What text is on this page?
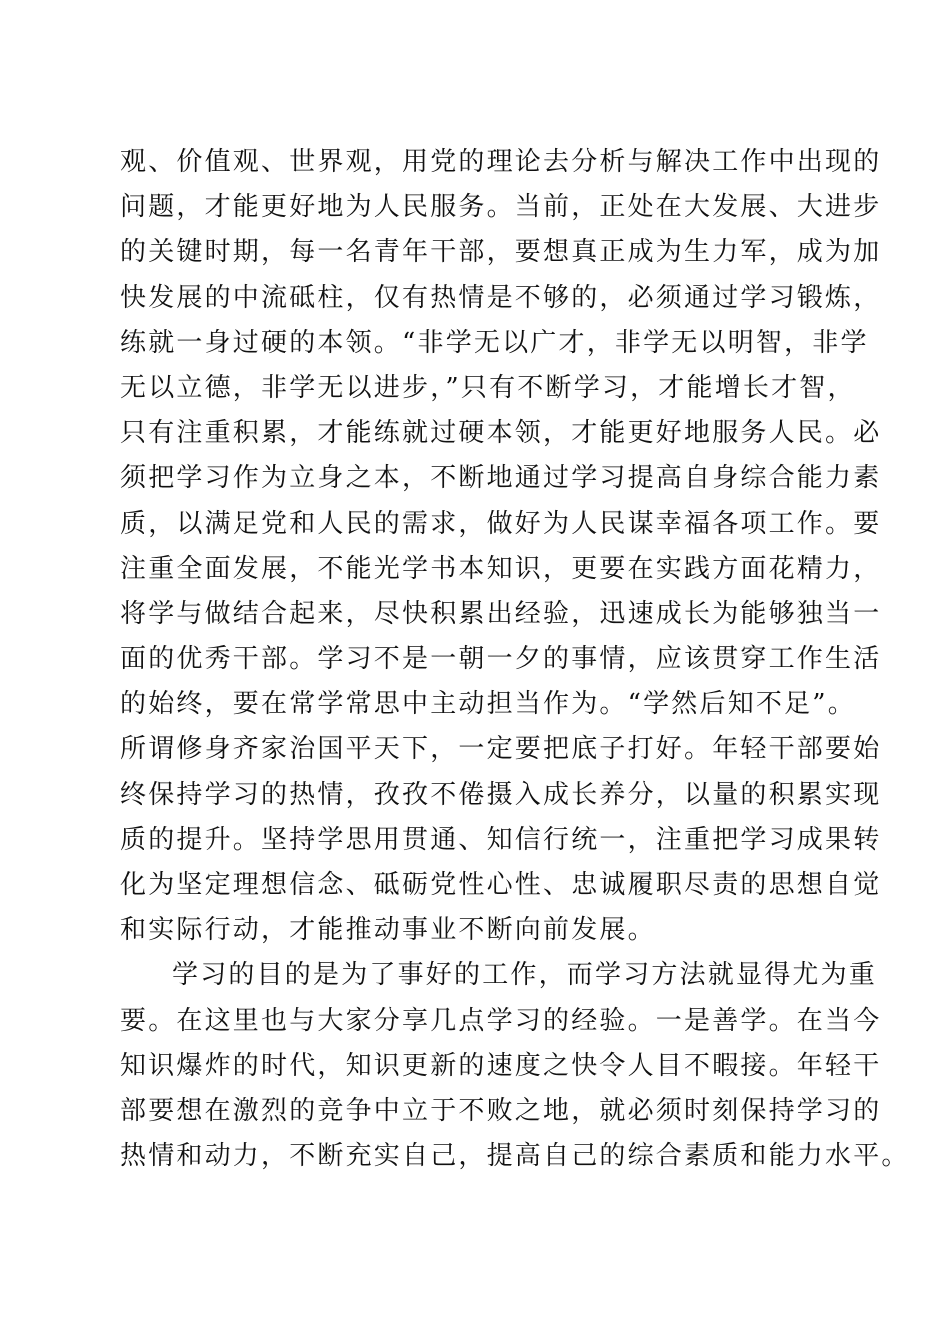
观、价值观、世界观，用党的理论去分析与解决工作中出现的
问题，才能更好地为人民服务。当前，正处在大发展、大进步
的关键时期，每一名青年干部，要想真正成为生力军，成为加
快发展的中流砥柱，仅有热情是不够的，必须通过学习锻炼，
练就一身过硬的本领。“非学无以广才，非学无以明智，非学
无以立德，非学无以进步，”只有不断学习，才能增长才智，
只有注重积累，才能练就过硬本领，才能更好地服务人民。必
须把学习作为立身之本，不断地通过学习提高自身综合能力素
质，以满足党和人民的需求，做好为人民谋幸福各项工作。要
注重全面发展，不能光学书本知识，更要在实践方面花精力，
将学与做结合起来，尽快积累出经验，迅速成长为能够独当一
面的优秀干部。学习不是一朝一夕的事情，应该贯穿工作生活
的始终，要在常学常思中主动担当作为。“学然后知不足”。
所谓修身齐家治国平天下，一定要把底子打好。年轻干部要始
终保持学习的热情，孜孜不倦摄入成长养分，以量的积累实现
质的提升。坚持学思用贯通、知信行统一，注重把学习成果转
化为坚定理想信念、砥砺党性心性、忠诚履职尽责的思想自觉
和实际行动，才能推动事业不断向前发展。
学习的目的是为了事好的工作，而学习方法就显得尤为重
要。在这里也与大家分享几点学习的经验。一是善学。在当今
知识爆炸的时代，知识更新的速度之快令人目不暇接。年轻干
部要想在激烈的竞争中立于不败之地，就必须时刻保持学习的
热情和动力，不断充实自己，提高自己的综合素质和能力水平。
